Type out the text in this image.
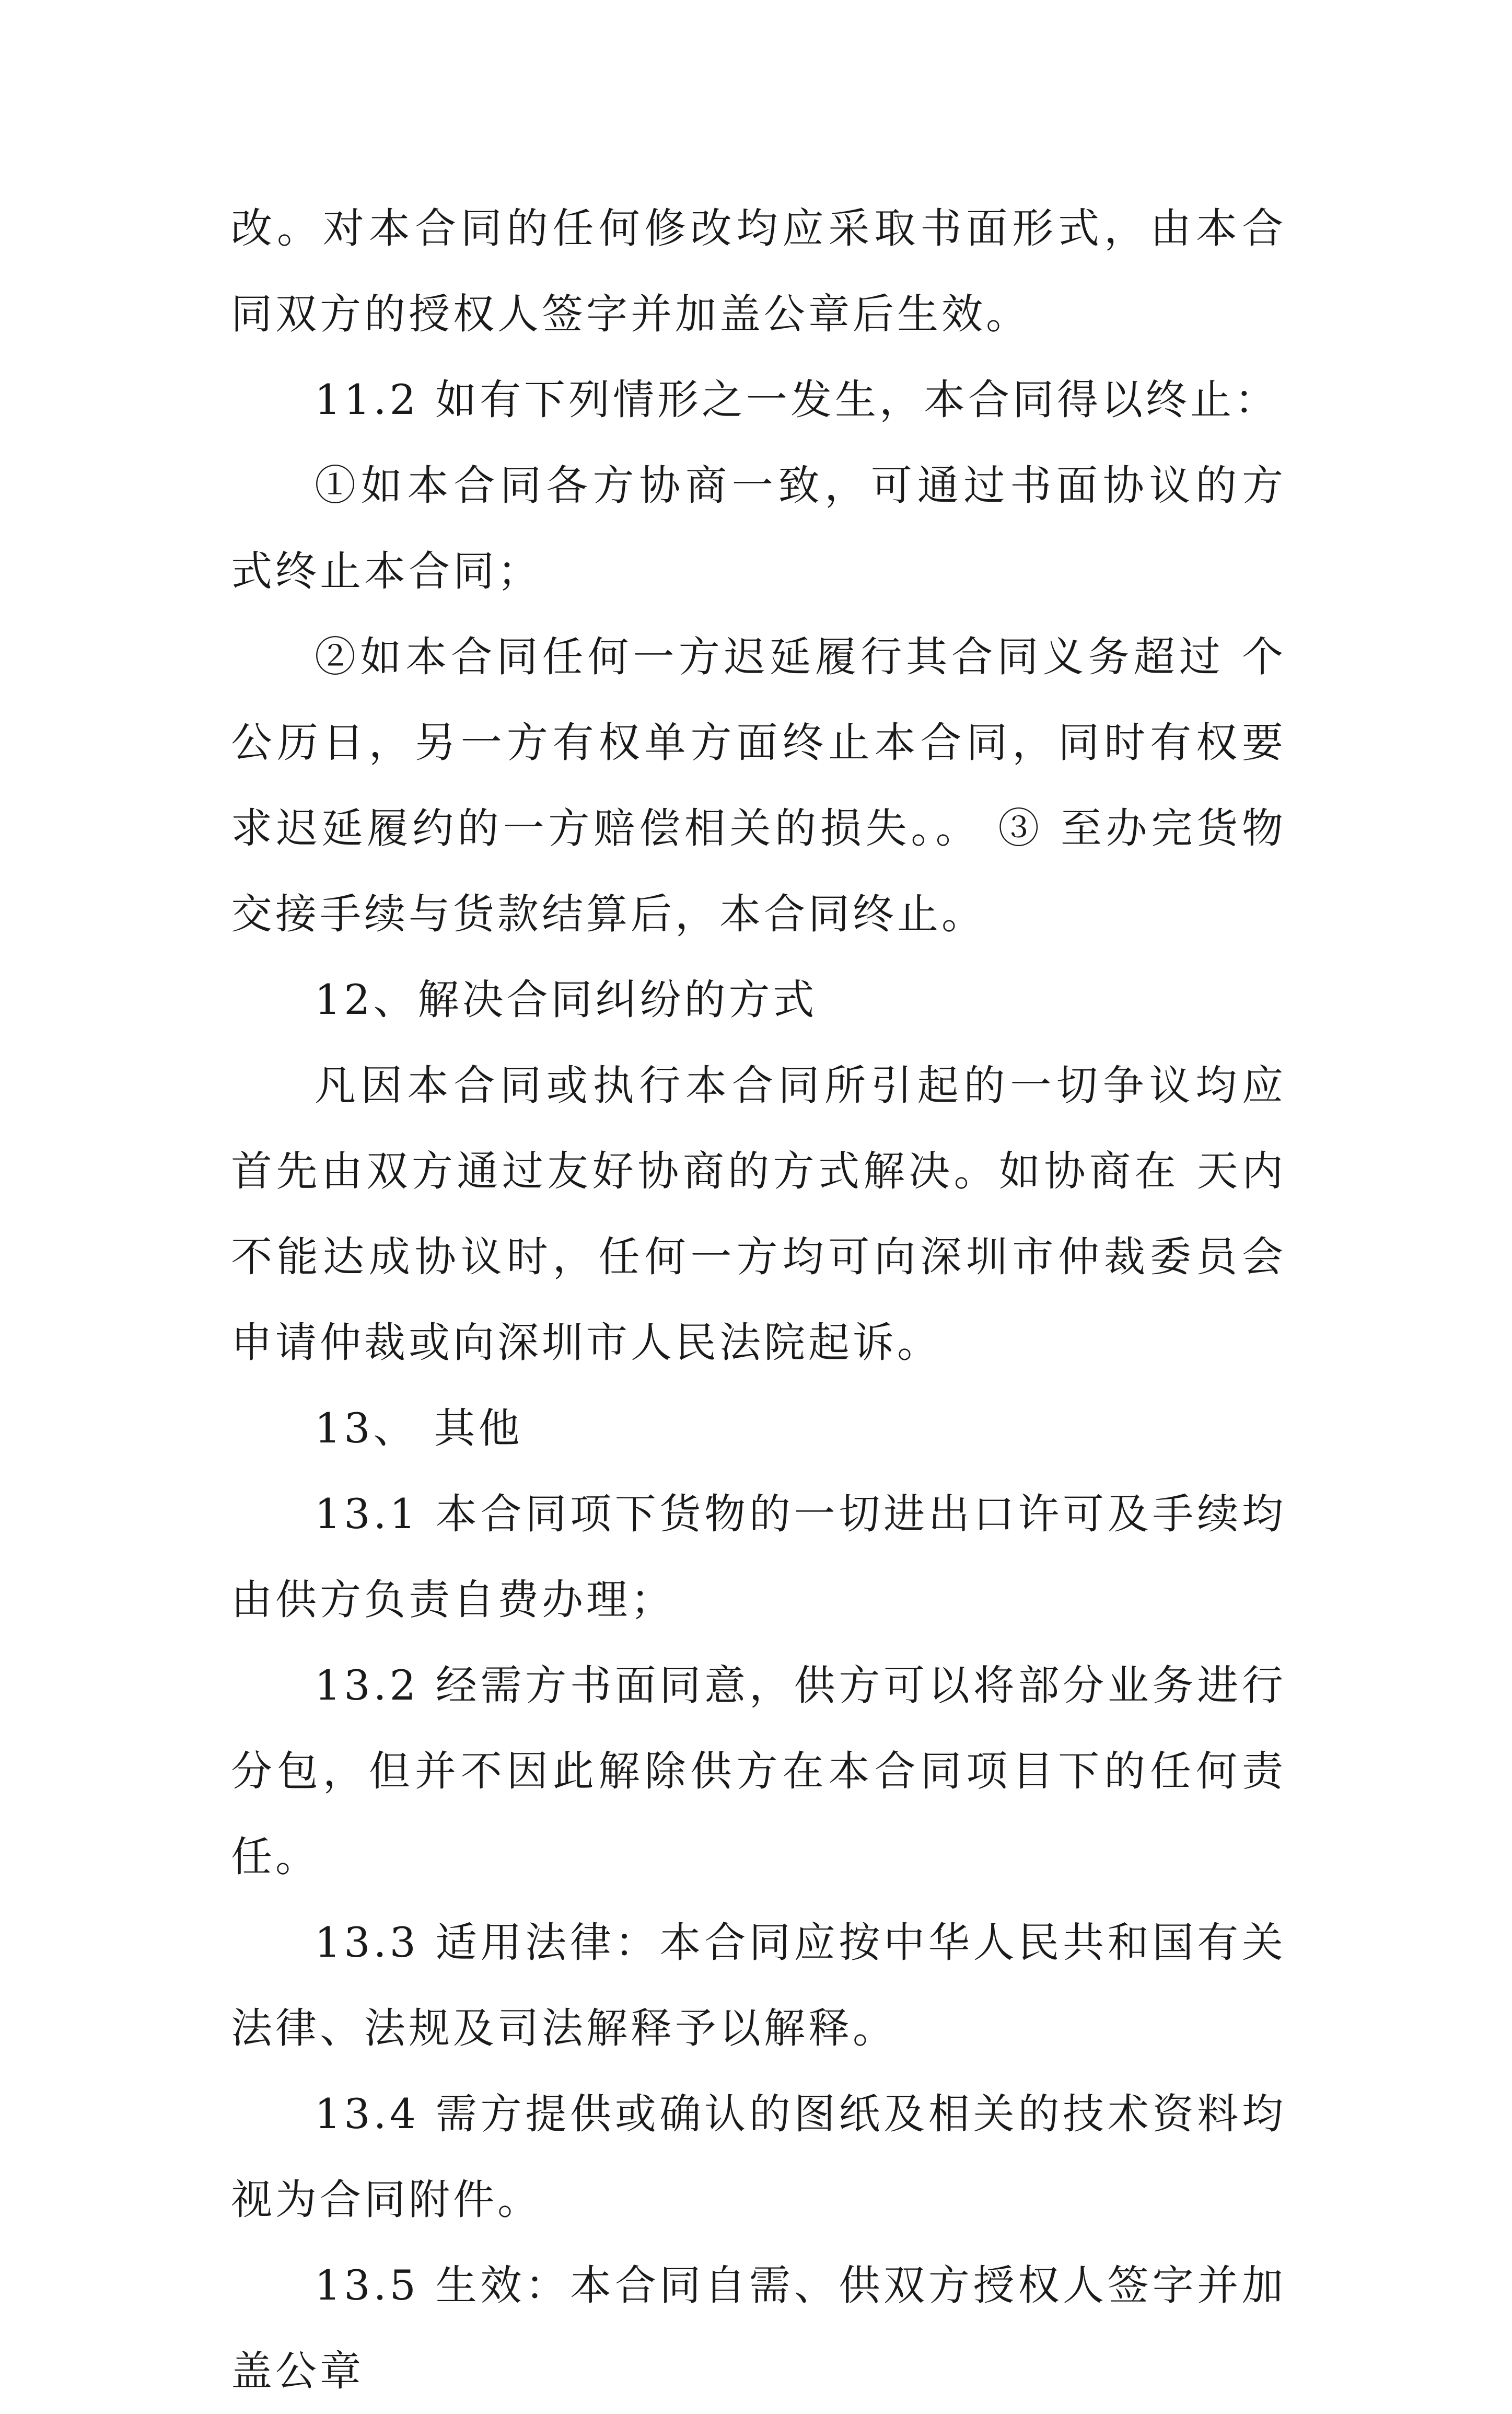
改。对本合同的任何修改均应采取书面形式，由本合同双方的授权人签字并加盖公章后生效。

11.2 如有下列情形之一发生，本合同得以终止：

①如本合同各方协商一致，可通过书面协议的方式终止本合同；

②如本合同任何一方迟延履行其合同义务超过 个公历日，另一方有权单方面终止本合同，同时有权要求迟延履约的一方赔偿相关的损失。。 ③ 至办完货物交接手续与货款结算后，本合同终止。

12、解决合同纠纷的方式

凡因本合同或执行本合同所引起的一切争议均应首先由双方通过友好协商的方式解决。如协商在 天内不能达成协议时，任何一方均可向深圳市仲裁委员会申请仲裁或向深圳市人民法院起诉。

13、 其他

13.1 本合同项下货物的一切进出口许可及手续均由供方负责自费办理；

13.2 经需方书面同意，供方可以将部分业务进行分包，但并不因此解除供方在本合同项目下的任何责任。

13.3 适用法律：本合同应按中华人民共和国有关法律、法规及司法解释予以解释。

13.4 需方提供或确认的图纸及相关的技术资料均视为合同附件。

13.5 生效：本合同自需、供双方授权人签字并加盖公章
